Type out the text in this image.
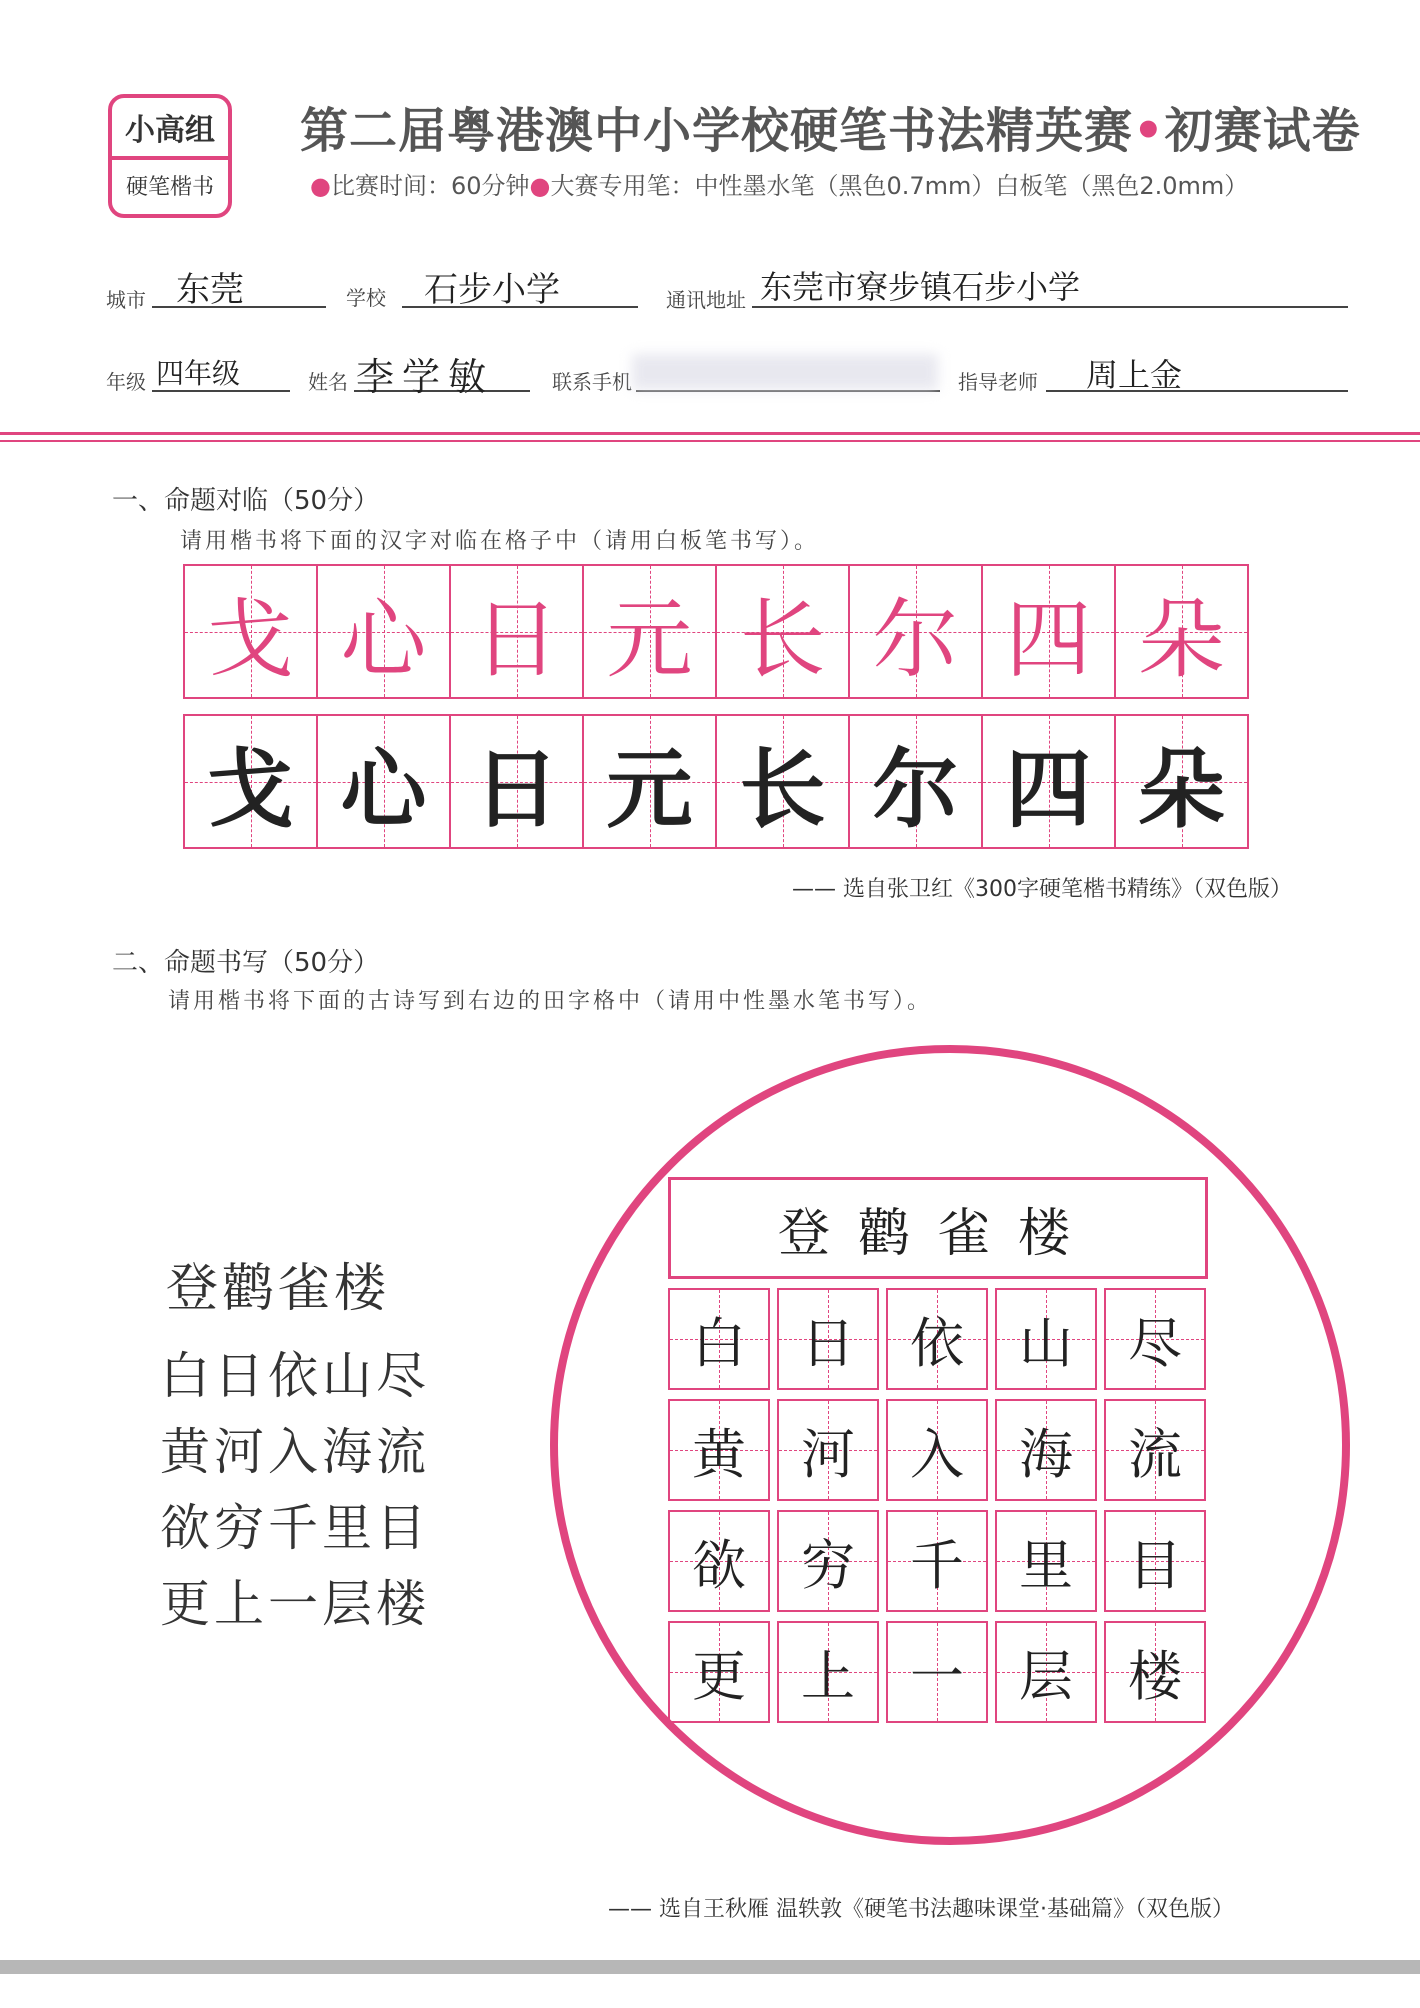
小高组
硬笔楷书
第二届粤港澳中小学校硬笔书法精英赛•初赛试卷
●比赛时间：60分钟●大赛专用笔：中性墨水笔（黑色0.7mm）白板笔（黑色2.0mm）
城市 东莞	学校 石步小学	通讯地址 东莞市寮步镇石步小学
年级 四年级	姓名 李学敏	联系手机	指导老师 周上金
一、命题对临（50分）
请用楷书将下面的汉字对临在格子中（请用白板笔书写）。
戈 心 日 元 长 尔 四 朵
戈 心 日 元 长 尔 四 朵
—— 选自张卫红《300字硬笔楷书精练》（双色版）
二、命题书写（50分）
请用楷书将下面的古诗写到右边的田字格中（请用中性墨水笔书写）。
登鹳雀楼
白日依山尽
黄河入海流
欲穷千里目
更上一层楼
登鹳雀楼
白 日 依 山 尽
黄 河 入 海 流
欲 穷 千 里 目
更 上 一 层 楼
—— 选自王秋雁 温轶敦《硬笔书法趣味课堂·基础篇》（双色版）
